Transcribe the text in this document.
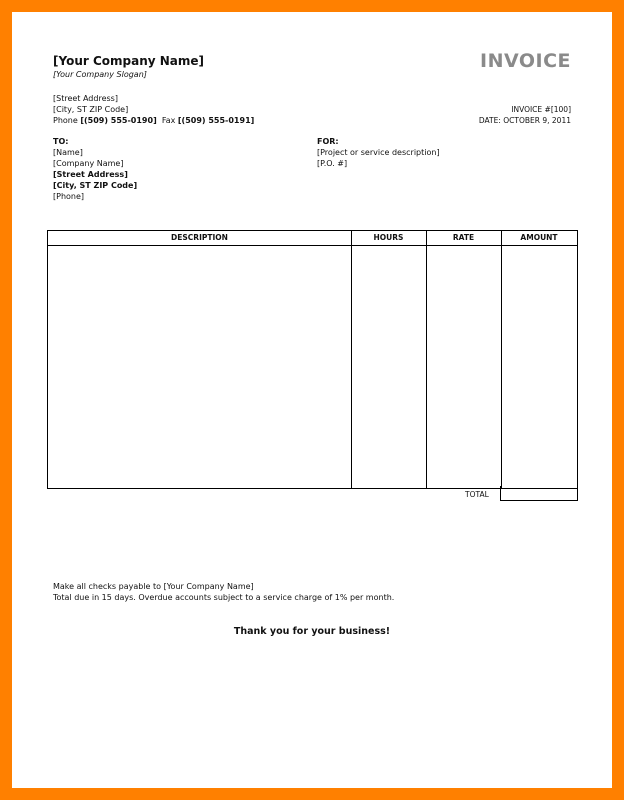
[Your Company Name]
[Your Company Slogan]
[Street Address]
[City, ST ZIP Code]
Phone [(509) 555-0190] Fax [(509) 555-0191]
INVOICE
INVOICE #[100]
DATE: OCTOBER 9, 2011
TO:
[Name]
[Company Name]
[Street Address]
[City, ST ZIP Code]
[Phone]
FOR:
[Project or service description]
[P.O. #]
DESCRIPTION	HOURS	RATE	AMOUNT
TOTAL
Make all checks payable to [Your Company Name]
Total due in 15 days. Overdue accounts subject to a service charge of 1% per month.
Thank you for your business!
